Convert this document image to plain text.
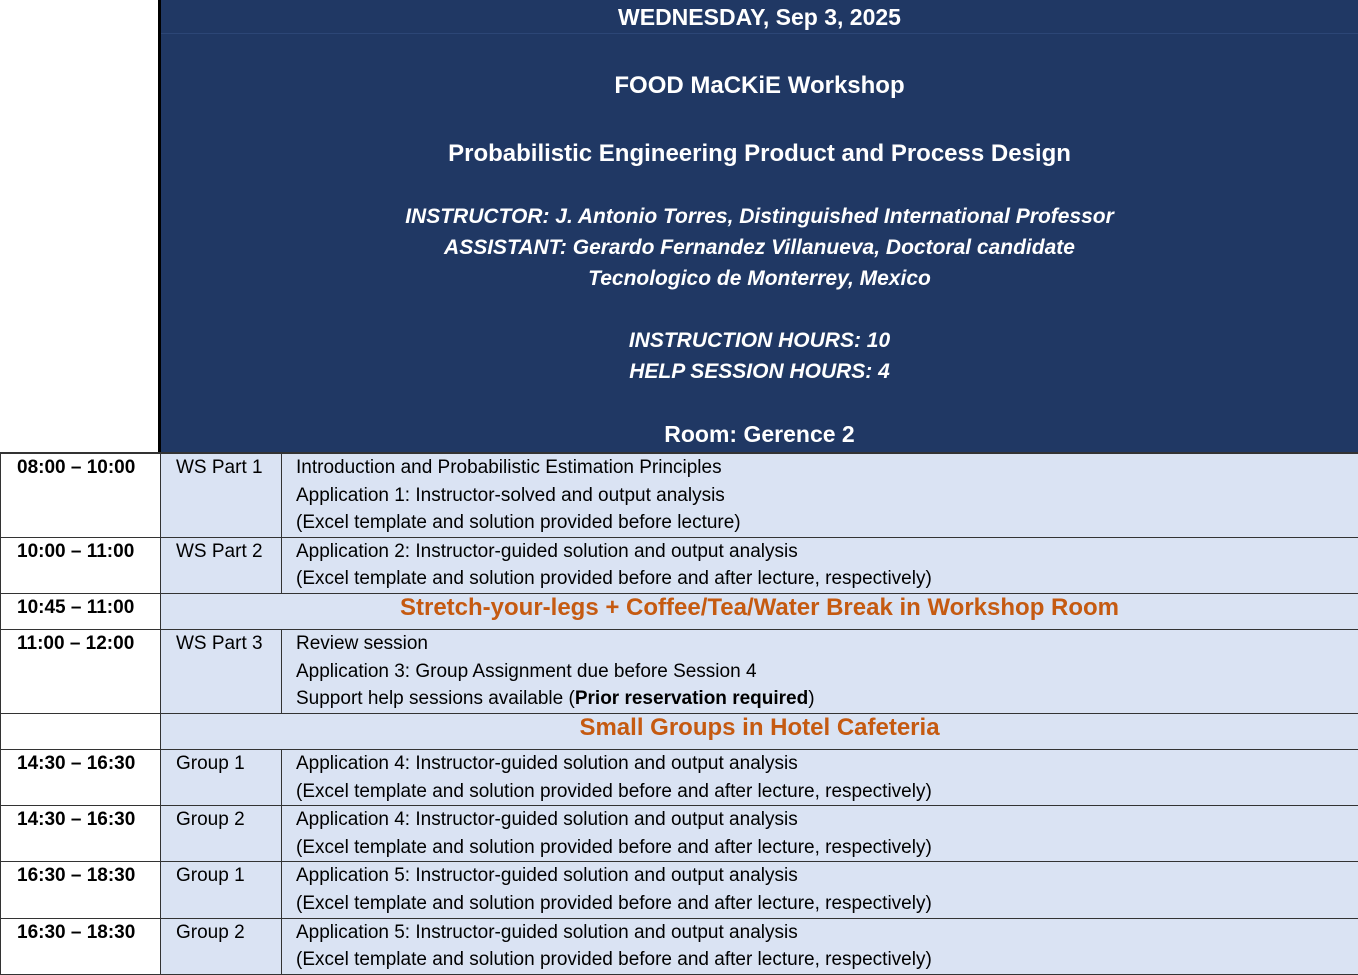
WEDNESDAY, Sep 3, 2025
FOOD MaCKiE Workshop
Probabilistic Engineering Product and Process Design
INSTRUCTOR: J. Antonio Torres, Distinguished International Professor
ASSISTANT: Gerardo Fernandez Villanueva, Doctoral candidate
Tecnologico de Monterrey, Mexico
INSTRUCTION HOURS: 10
HELP SESSION HOURS: 4
Room: Gerence 2
08:00 – 10:00	WS Part 1	Introduction and Probabilistic Estimation Principles
Application 1: Instructor-solved and output analysis
(Excel template and solution provided before lecture)

10:00 – 11:00	WS Part 2	Application 2: Instructor-guided solution and output analysis
(Excel template and solution provided before and after lecture, respectively)

10:45 – 11:00	Stretch-your-legs + Coffee/Tea/Water Break in Workshop Room	
11:00 – 12:00	WS Part 3	Review session
Application 3: Group Assignment due before Session 4
Support help sessions available (Prior reservation required)

	Small Groups in Hotel Cafeteria	
14:30 – 16:30	Group 1	Application 4: Instructor-guided solution and output analysis
(Excel template and solution provided before and after lecture, respectively)

14:30 – 16:30	Group 2	Application 4: Instructor-guided solution and output analysis
(Excel template and solution provided before and after lecture, respectively)

16:30 – 18:30	Group 1	Application 5: Instructor-guided solution and output analysis
(Excel template and solution provided before and after lecture, respectively)

16:30 – 18:30	Group 2	Application 5: Instructor-guided solution and output analysis
(Excel template and solution provided before and after lecture, respectively)
